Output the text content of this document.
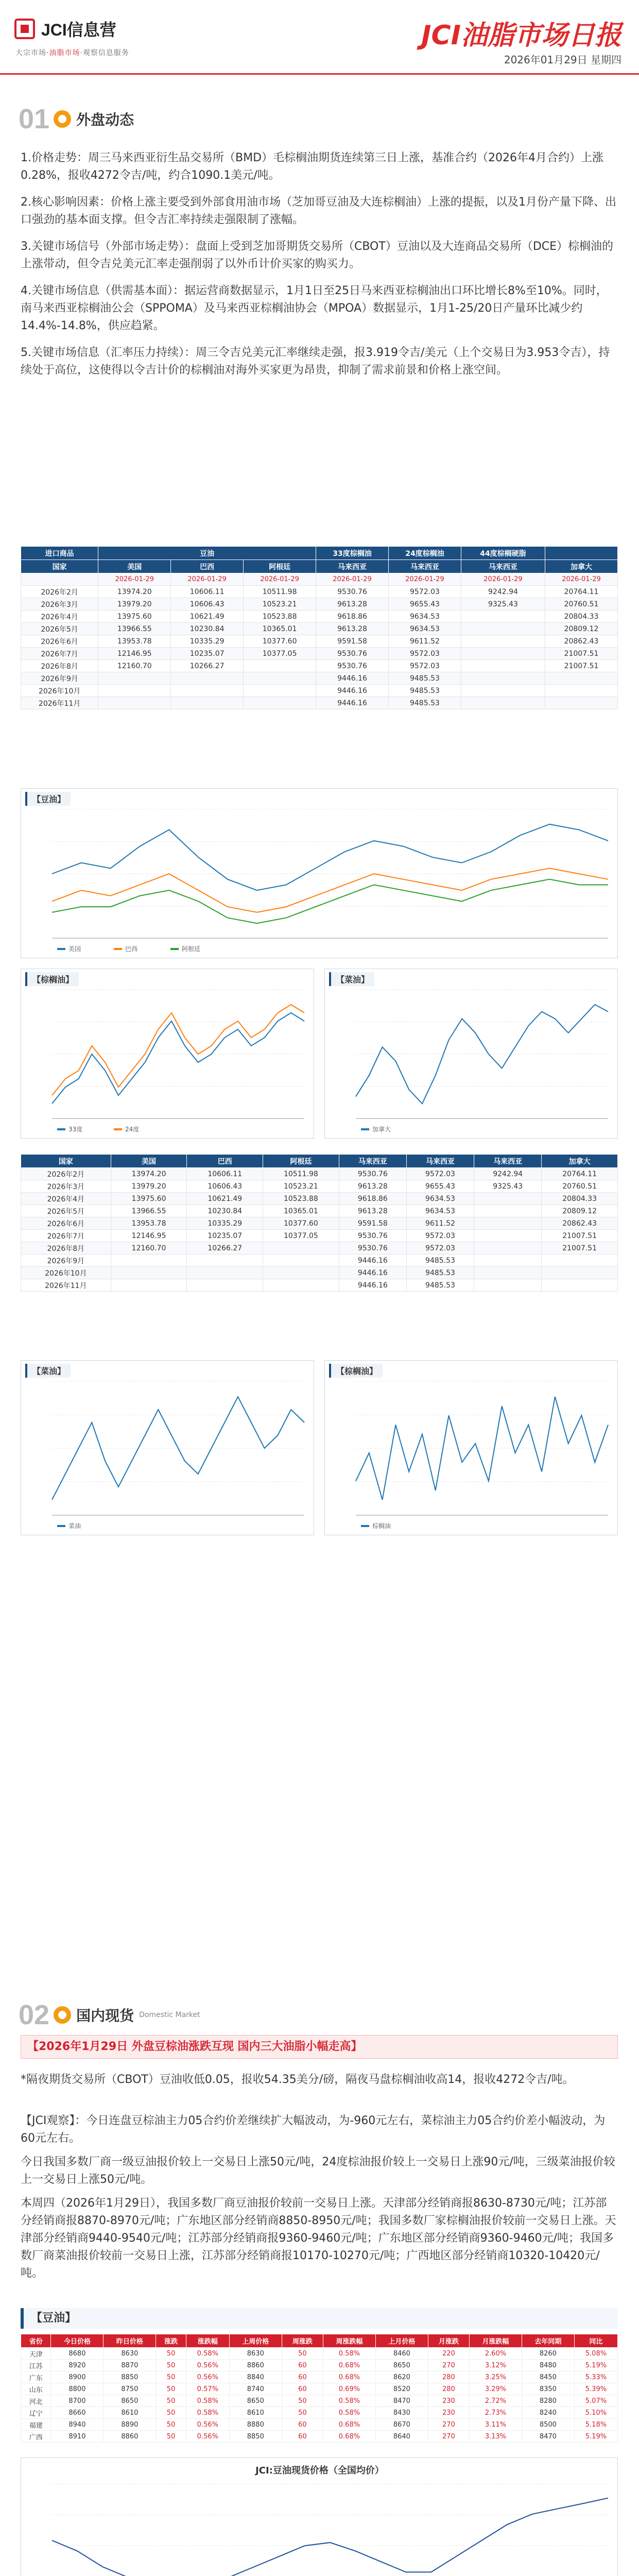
JCI信息营
大宗市场·油脂市场·观察信息服务
JCI油脂市场日报
2026年01月29日 星期四
01 外盘动态

1.价格走势：周三马来西亚衍生品交易所（BMD）毛棕榈油期货连续第三日上涨，基准合约（2026年4月合约）上涨0.28%，报收4272令吉/吨，约合1090.1美元/吨。

2.核心影响因素：价格上涨主要受到外部食用油市场（芝加哥豆油及大连棕榈油）上涨的提振，以及1月份产量下降、出口强劲的基本面支撑。但令吉汇率持续走强限制了涨幅。

3.关键市场信号（外部市场走势）：盘面上受到芝加哥期货交易所（CBOT）豆油以及大连商品交易所（DCE）棕榈油的上涨带动，但令吉兑美元汇率走强削弱了以外币计价买家的购买力。

4.关键市场信息（供需基本面）：据运营商数据显示，1月1日至25日马来西亚棕榈油出口环比增长8%至10%。同时，南马来西亚棕榈油公会（SPPOMA）及马来西亚棕榈油协会（MPOA）数据显示，1月1-25/20日产量环比减少约14.4%-14.8%，供应趋紧。

5.关键市场信息（汇率压力持续）：周三令吉兑美元汇率继续走强，报3.919令吉/美元（上个交易日为3.953令吉），持续处于高位，这使得以令吉计价的棕榈油对海外买家更为昂贵，抑制了需求前景和价格上涨空间。

进口商品	豆油			33度棕榈油	24度棕榈油	44度棕榈硬脂	
国家	美国	巴西	阿根廷	马来西亚	马来西亚	马来西亚	加拿大
	2026-01-29	2026-01-29	2026-01-29	2026-01-29	2026-01-29	2026-01-29	2026-01-29
2026年2月	13974.20	10606.11	10511.98	9530.76	9572.03	9242.94	20764.11
2026年3月	13979.20	10606.43	10523.21	9613.28	9655.43	9325.43	20760.51
2026年4月	13975.60	10621.49	10523.88	9618.86	9634.53		20804.33
2026年5月	13966.55	10230.84	10365.01	9613.28	9634.53		20809.12
2026年6月	13953.78	10335.29	10377.60	9591.58	9611.52		20862.43
2026年7月	12146.95	10235.07	10377.05	9530.76	9572.03		21007.51
2026年8月	12160.70	10266.27		9530.76	9572.03		21007.51
2026年9月				9446.16	9485.53		
2026年10月				9446.16	9485.53		
2026年11月				9446.16	9485.53		
【豆油】
美国	巴西	阿根廷
【棕榈油】
33度	24度
【菜油】
加拿大
国家	美国	巴西	阿根廷	马来西亚	马来西亚	马来西亚	加拿大
2026年2月	13974.20	10606.11	10511.98	9530.76	9572.03	9242.94	20764.11
2026年3月	13979.20	10606.43	10523.21	9613.28	9655.43	9325.43	20760.51
2026年4月	13975.60	10621.49	10523.88	9618.86	9634.53		20804.33
2026年5月	13966.55	10230.84	10365.01	9613.28	9634.53		20809.12
2026年6月	13953.78	10335.29	10377.60	9591.58	9611.52		20862.43
2026年7月	12146.95	10235.07	10377.05	9530.76	9572.03		21007.51
2026年8月	12160.70	10266.27		9530.76	9572.03		21007.51
2026年9月				9446.16	9485.53		
2026年10月				9446.16	9485.53		
2026年11月				9446.16	9485.53		
【菜油】
菜油
【棕榈油】
棕榈油
02 国内现货 Domestic Market
【2026年1月29日 外盘豆棕油涨跌互现 国内三大油脂小幅走高】
*隔夜期货交易所（CBOT）豆油收低0.05，报收54.35美分/磅，隔夜马盘棕榈油收高14，报收4272令吉/吨。
【JCI观察】：今日连盘豆棕油主力05合约价差继续扩大幅波动，为-960元左右，菜棕油主力05合约价差小幅波动，为60元左右。
今日我国多数厂商一级豆油报价较上一交易日上涨50元/吨，24度棕油报价较上一交易日上涨90元/吨，三级菜油报价较上一交易日上涨50元/吨。
本周四（2026年1月29日），我国多数厂商豆油报价较前一交易日上涨。天津部分经销商报8630-8730元/吨；江苏部分经销商报8870-8970元/吨；广东地区部分经销商8850-8950元/吨；我国多数厂家棕榈油报价较前一交易日上涨。天津部分经销商9440-9540元/吨；江苏部分经销商报9360-9460元/吨；广东地区部分经销商9360-9460元/吨；我国多数厂商菜油报价较前一交易日上涨，江苏部分经销商报10170-10270元/吨；广西地区部分经销商10320-10420元/吨。
【豆油】
省份	今日价格	昨日价格	涨跌	涨跌幅	上周价格	周涨跌	周涨跌幅	上月价格	月涨跌	月涨跌幅	去年同期	同比
天津	8680	8630	50	0.58%	8630	50	0.58%	8460	220	2.60%	8260	5.08%
江苏	8920	8870	50	0.56%	8860	60	0.68%	8650	270	3.12%	8480	5.19%
广东	8900	8850	50	0.56%	8840	60	0.68%	8620	280	3.25%	8450	5.33%
山东	8800	8750	50	0.57%	8740	60	0.69%	8520	280	3.29%	8350	5.39%
河北	8700	8650	50	0.58%	8650	50	0.58%	8470	230	2.72%	8280	5.07%
辽宁	8660	8610	50	0.58%	8610	50	0.58%	8430	230	2.73%	8240	5.10%
福建	8940	8890	50	0.56%	8880	60	0.68%	8670	270	3.11%	8500	5.18%
广西	8910	8860	50	0.56%	8850	60	0.68%	8640	270	3.13%	8470	5.19%
JCI:豆油现货价格（全国均价）
